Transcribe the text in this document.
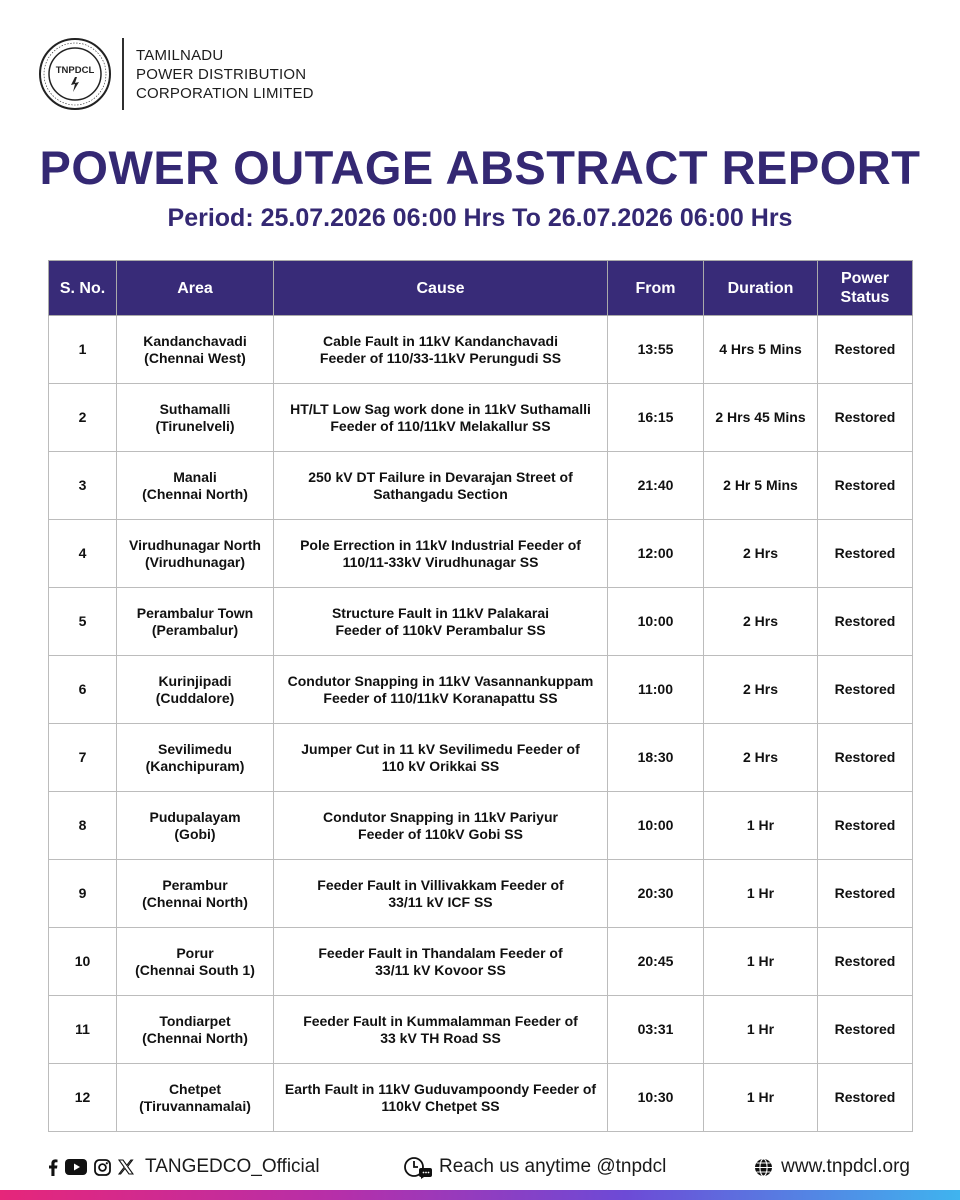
TNPDCL
TAMILNADU
POWER DISTRIBUTION
CORPORATION LIMITED
POWER OUTAGE ABSTRACT REPORT
Period: 25.07.2026 06:00 Hrs To 26.07.2026 06:00 Hrs
S. No.	Area	Cause	From	Duration	Power Status
1	Kandanchavadi
(Chennai West)	Cable Fault in 11kV Kandanchavadi
Feeder of 110/33-11kV Perungudi SS	13:55	4 Hrs 5 Mins	Restored
2	Suthamalli
(Tirunelveli)	HT/LT Low Sag work done in 11kV Suthamalli
Feeder of 110/11kV Melakallur SS	16:15	2 Hrs 45 Mins	Restored
3	Manali
(Chennai North)	250 kV DT Failure in Devarajan Street of
Sathangadu Section	21:40	2 Hr 5 Mins	Restored
4	Virudhunagar North
(Virudhunagar)	Pole Errection in 11kV Industrial Feeder of
110/11-33kV Virudhunagar SS	12:00	2 Hrs	Restored
5	Perambalur Town
(Perambalur)	Structure Fault in 11kV Palakarai
Feeder of 110kV Perambalur SS	10:00	2 Hrs	Restored
6	Kurinjipadi
(Cuddalore)	Condutor Snapping in 11kV Vasannankuppam
Feeder of 110/11kV Koranapattu SS	11:00	2 Hrs	Restored
7	Sevilimedu
(Kanchipuram)	Jumper Cut in 11 kV Sevilimedu Feeder of
110 kV Orikkai SS	18:30	2 Hrs	Restored
8	Pudupalayam
(Gobi)	Condutor Snapping in 11kV Pariyur
Feeder of 110kV Gobi SS	10:00	1 Hr	Restored
9	Perambur
(Chennai North)	Feeder Fault in Villivakkam Feeder of
33/11 kV ICF SS	20:30	1 Hr	Restored
10	Porur
(Chennai South 1)	Feeder Fault in Thandalam Feeder of
33/11 kV Kovoor SS	20:45	1 Hr	Restored
11	Tondiarpet
(Chennai North)	Feeder Fault in Kummalamman Feeder of
33 kV TH Road SS	03:31	1 Hr	Restored
12	Chetpet
(Tiruvannamalai)	Earth Fault in 11kV Guduvampoondy Feeder of
110kV Chetpet SS	10:30	1 Hr	Restored
TANGEDCO_Official	Reach us anytime @tnpdcl	www.tnpdcl.org
